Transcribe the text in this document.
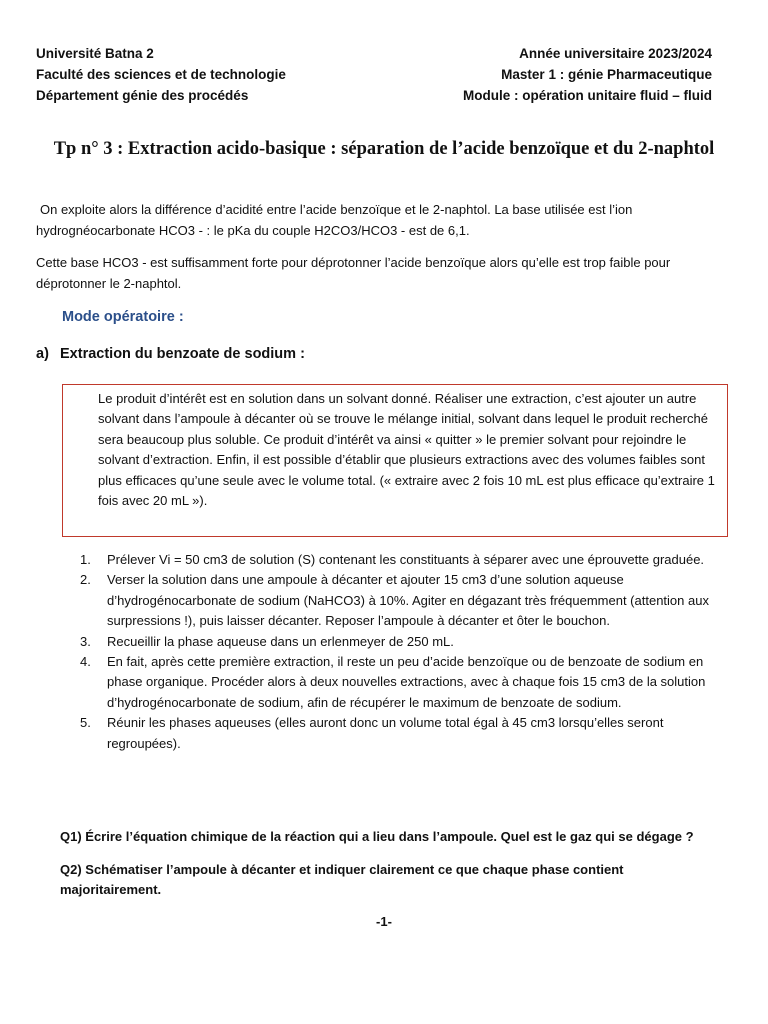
Université Batna 2
Faculté des sciences et de technologie
Département génie des procédés
Année universitaire 2023/2024
Master 1 : génie Pharmaceutique
Module : opération unitaire fluid – fluid
Tp n° 3 : Extraction acido-basique : séparation de l’acide benzoïque et du 2-naphtol
On exploite alors la différence d’acidité entre l’acide benzoïque et le 2-naphtol. La base utilisée est l’ion hydrognéocarbonate HCO3 - : le pKa du couple H2CO3/HCO3 - est de 6,1.
Cette base HCO3 - est suffisamment forte pour déprotonner l’acide benzoïque alors qu’elle est trop faible pour déprotonner le 2-naphtol.
Mode opératoire :
a) Extraction du benzoate de sodium :
Le produit d’intérêt est en solution dans un solvant donné. Réaliser une extraction, c’est ajouter un autre solvant dans l’ampoule à décanter où se trouve le mélange initial, solvant dans lequel le produit recherché sera beaucoup plus soluble. Ce produit d’intérêt va ainsi « quitter » le premier solvant pour rejoindre le solvant d’extraction. Enfin, il est possible d’établir que plusieurs extractions avec des volumes faibles sont plus efficaces qu’une seule avec le volume total. (« extraire avec 2 fois 10 mL est plus efficace qu’extraire 1 fois avec 20 mL »).
1. Prélever Vi = 50 cm3 de solution (S) contenant les constituants à séparer avec une éprouvette graduée.
2. Verser la solution dans une ampoule à décanter et ajouter 15 cm3 d’une solution aqueuse d’hydrogénocarbonate de sodium (NaHCO3) à 10%. Agiter en dégazant très fréquemment (attention aux surpressions !), puis laisser décanter. Reposer l’ampoule à décanter et ôter le bouchon.
3. Recueillir la phase aqueuse dans un erlenmeyer de 250 mL.
4. En fait, après cette première extraction, il reste un peu d’acide benzoïque ou de benzoate de sodium en phase organique. Procéder alors à deux nouvelles extractions, avec à chaque fois 15 cm3 de la solution d’hydrogénocarbonate de sodium, afin de récupérer le maximum de benzoate de sodium.
5. Réunir les phases aqueuses (elles auront donc un volume total égal à 45 cm3 lorsqu’elles seront regroupées).
Q1) Écrire l’équation chimique de la réaction qui a lieu dans l’ampoule. Quel est le gaz qui se dégage ?
Q2) Schématiser l’ampoule à décanter et indiquer clairement ce que chaque phase contient majoritairement.
-1-
